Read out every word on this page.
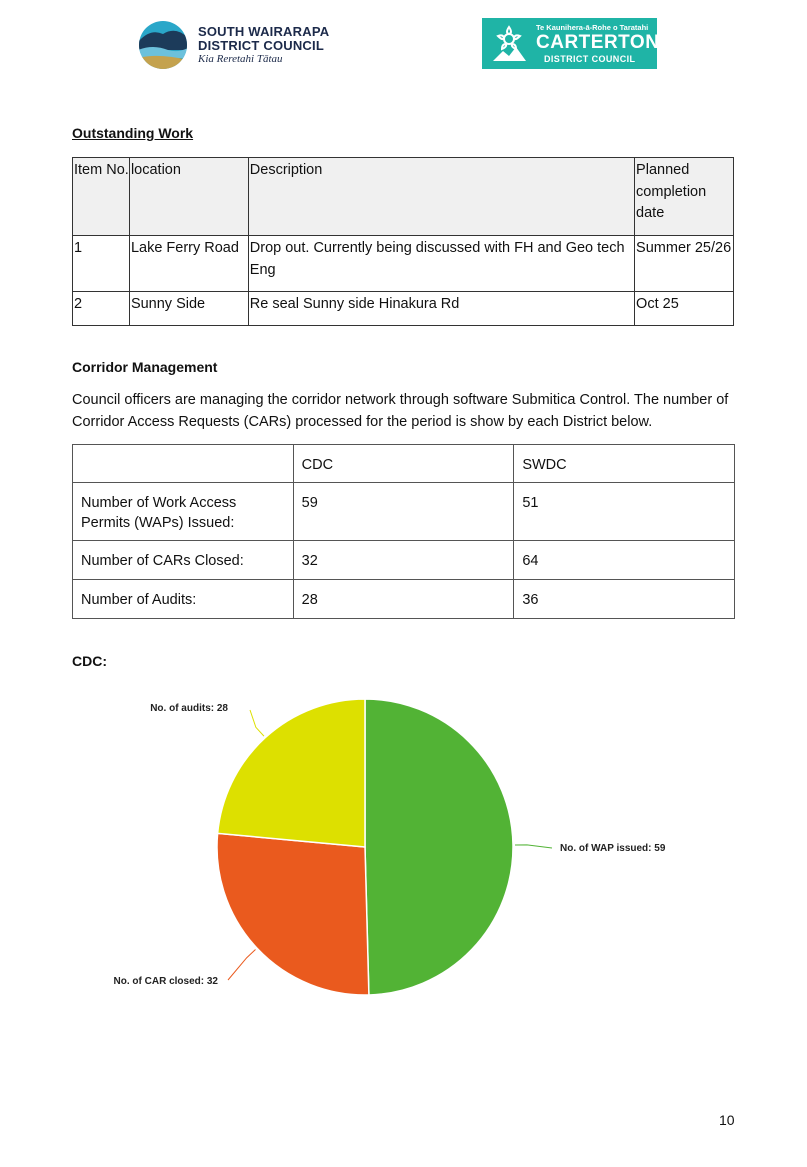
SOUTH WAIRARAPA
DISTRICT COUNCIL
Kia Reretahi Tātau
Te Kaunihera-ā-Rohe o Taratahi
CARTERTON
DISTRICT COUNCIL
Outstanding Work
Item No.	location	Description	Planned completion date
1	Lake Ferry Road	Drop out. Currently being discussed with FH and Geo tech Eng	Summer 25/26
2	Sunny Side	Re seal Sunny side Hinakura Rd	Oct 25
Corridor Management
Council officers are managing the corridor network through software Submitica Control. The number of Corridor Access Requests (CARs) processed for the period is show by each District below.
	CDC	SWDC
Number of Work Access Permits (WAPs) Issued:	59	51
Number of CARs Closed:	32	64
Number of Audits:	28	36
CDC:
No. of WAP issued: 59
No. of CAR closed: 32
No. of audits: 28
10
